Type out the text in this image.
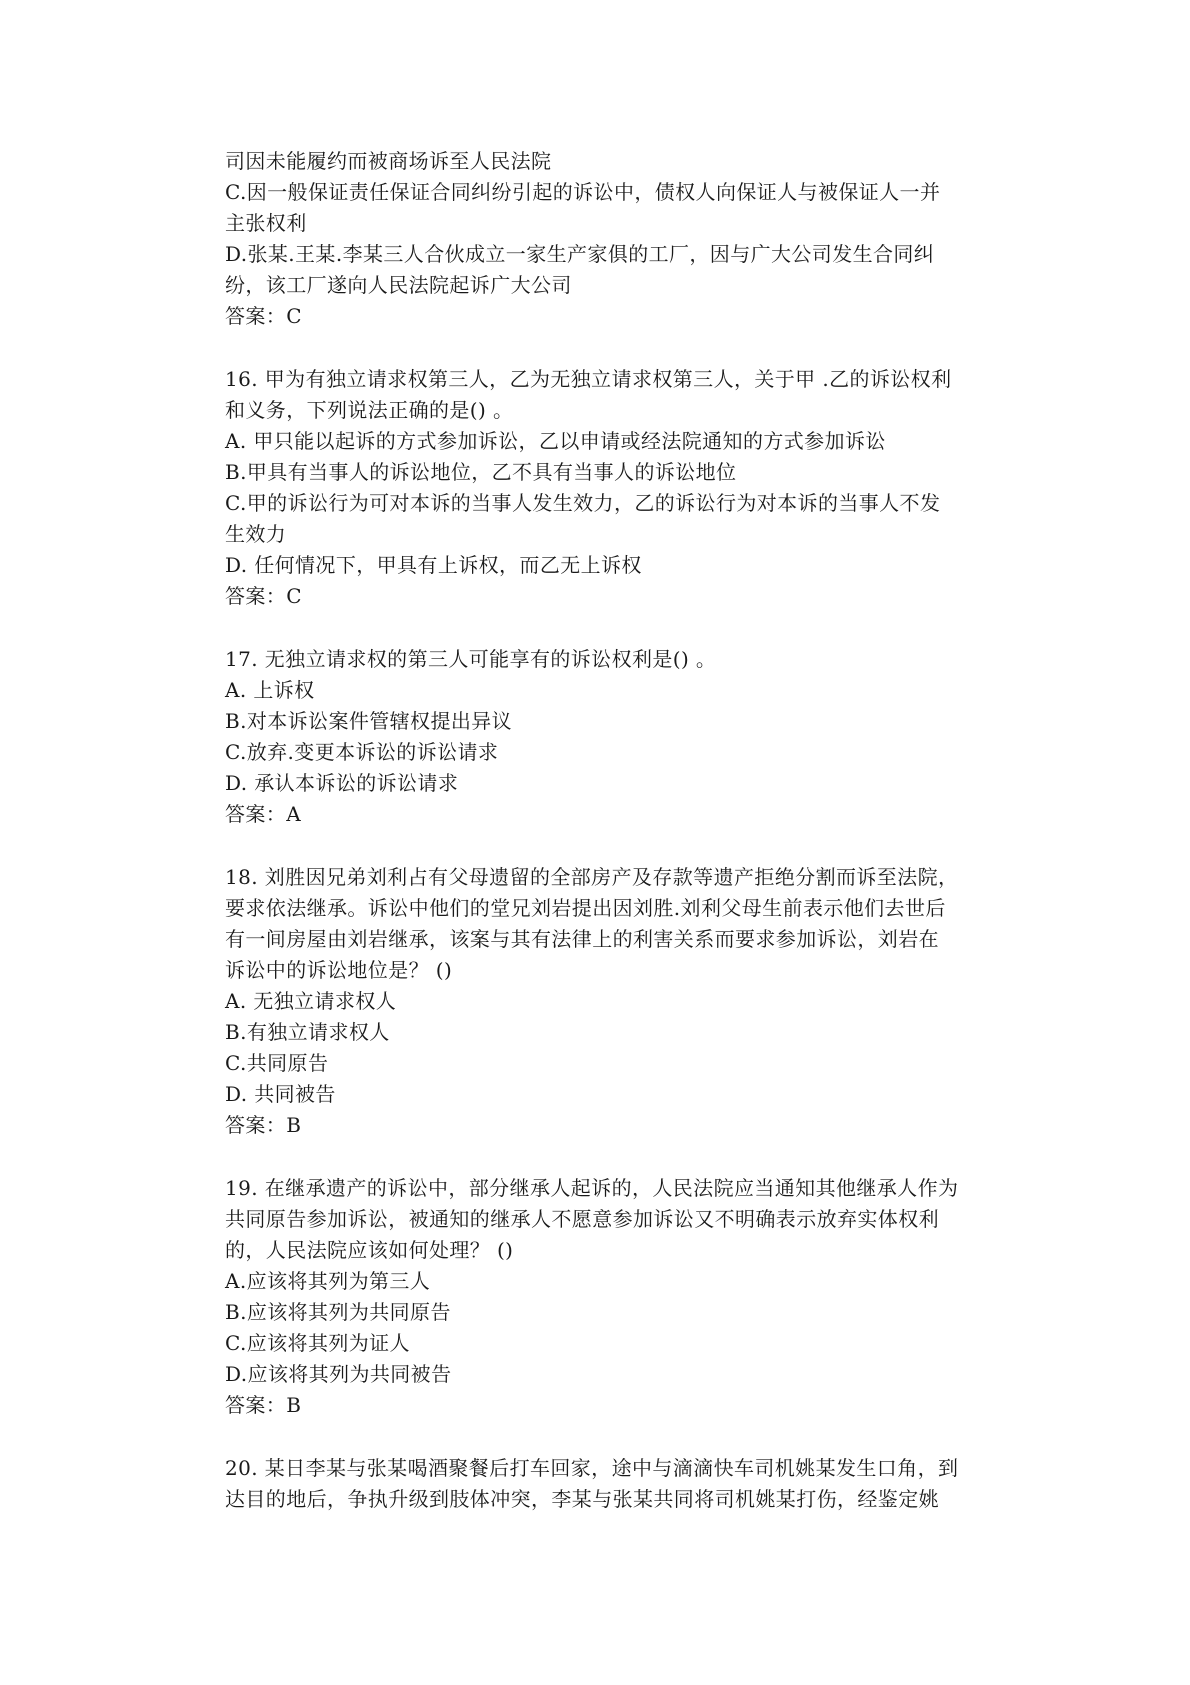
司因未能履约而被商场诉至人民法院
C.因一般保证责任保证合同纠纷引起的诉讼中，债权人向保证人与被保证人一并
主张权利
D.张某.王某.李某三人合伙成立一家生产家俱的工厂，因与广大公司发生合同纠
纷，该工厂遂向人民法院起诉广大公司
答案：C
16. 甲为有独立请求权第三人，乙为无独立请求权第三人，关于甲 .乙的诉讼权利
和义务，下列说法正确的是() 。
A. 甲只能以起诉的方式参加诉讼，乙以申请或经法院通知的方式参加诉讼
B.甲具有当事人的诉讼地位，乙不具有当事人的诉讼地位
C.甲的诉讼行为可对本诉的当事人发生效力，乙的诉讼行为对本诉的当事人不发
生效力
D. 任何情况下，甲具有上诉权，而乙无上诉权
答案：C
17. 无独立请求权的第三人可能享有的诉讼权利是() 。
A. 上诉权
B.对本诉讼案件管辖权提出异议
C.放弃.变更本诉讼的诉讼请求
D. 承认本诉讼的诉讼请求
答案：A
18. 刘胜因兄弟刘利占有父母遗留的全部房产及存款等遗产拒绝分割而诉至法院，
要求依法继承。诉讼中他们的堂兄刘岩提出因刘胜.刘利父母生前表示他们去世后
有一间房屋由刘岩继承，该案与其有法律上的利害关系而要求参加诉讼，刘岩在
诉讼中的诉讼地位是？ ()
A. 无独立请求权人
B.有独立请求权人
C.共同原告
D. 共同被告
答案：B
19. 在继承遗产的诉讼中，部分继承人起诉的，人民法院应当通知其他继承人作为
共同原告参加诉讼，被通知的继承人不愿意参加诉讼又不明确表示放弃实体权利
的，人民法院应该如何处理？ ()
A.应该将其列为第三人
B.应该将其列为共同原告
C.应该将其列为证人
D.应该将其列为共同被告
答案：B
20. 某日李某与张某喝酒聚餐后打车回家，途中与滴滴快车司机姚某发生口角，到
达目的地后，争执升级到肢体冲突，李某与张某共同将司机姚某打伤，经鉴定姚
